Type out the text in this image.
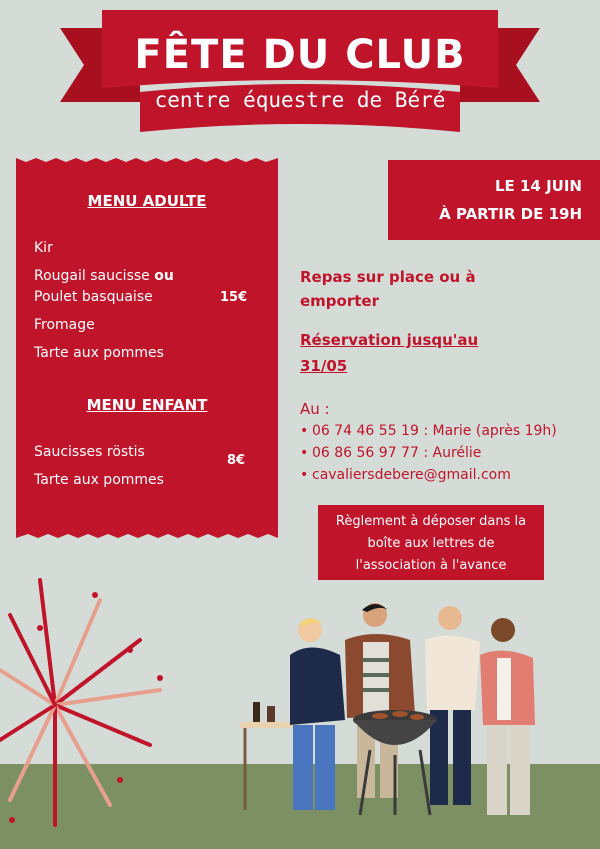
FÊTE DU CLUB
centre équestre de Béré
MENU ADULTE
Kir
Rougail saucisse ou
Poulet basquaise	15€
Fromage
Tarte aux pommes
MENU ENFANT
Saucisses röstis
8€
Tarte aux pommes
LE 14 JUIN
À PARTIR DE 19H
Repas sur place ou à
emporter
Réservation jusqu'au
31/05
Au :
• 06 74 46 55 19 : Marie (après 19h)
• 06 86 56 97 77 : Aurélie
• cavaliersdebere@gmail.com
Règlement à déposer dans la
boîte aux lettres de
l'association à l'avance
